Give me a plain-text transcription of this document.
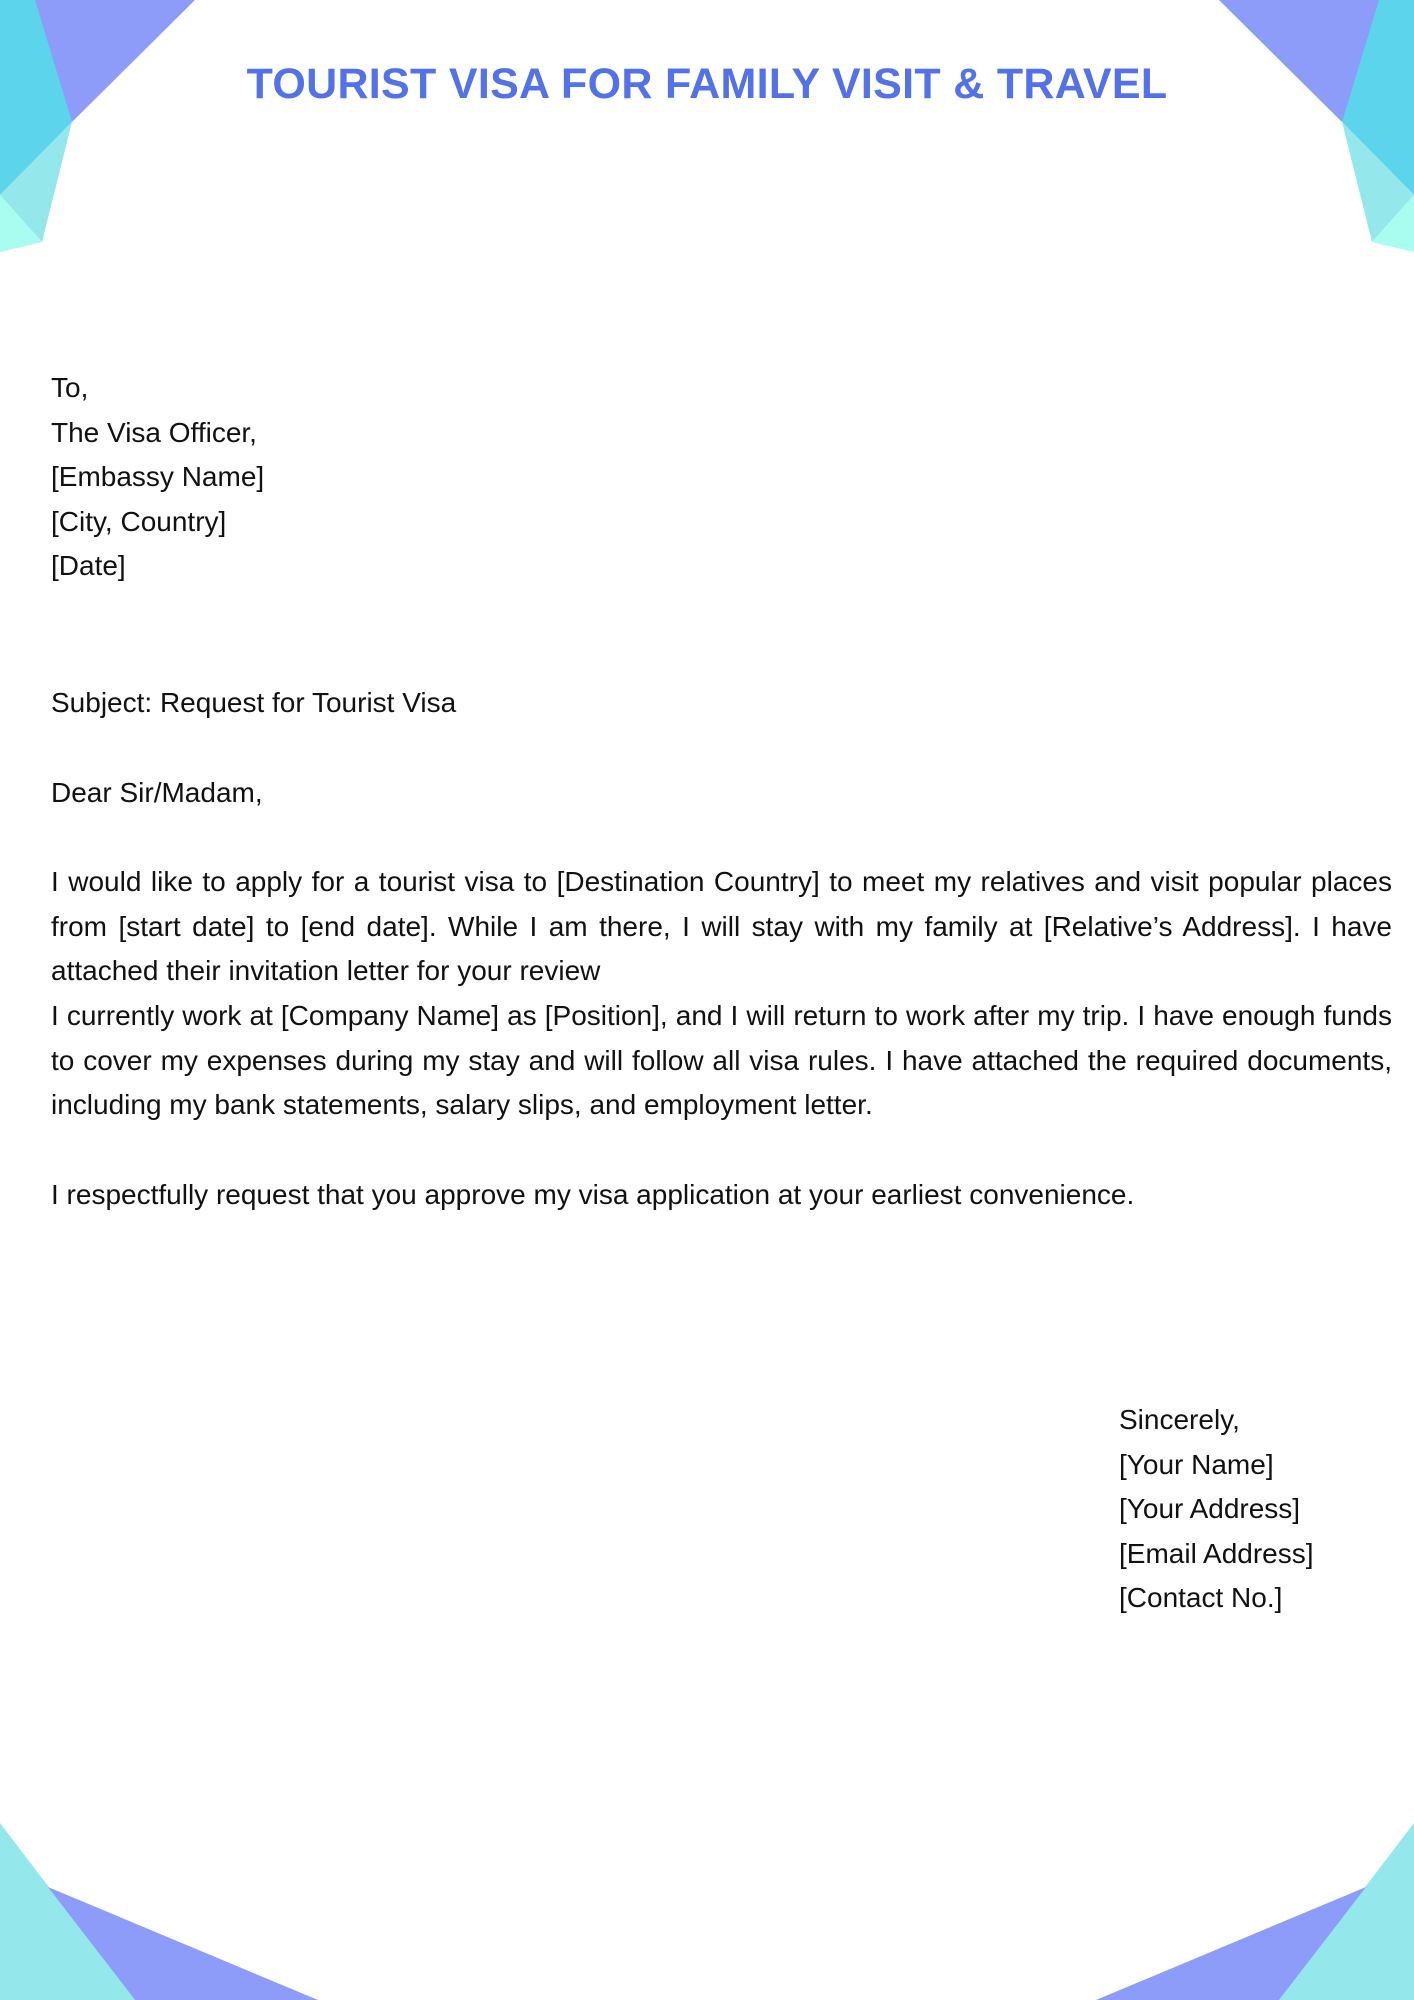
TOURIST VISA FOR FAMILY VISIT & TRAVEL
To,
The Visa Officer,
[Embassy Name]
[City, Country]
[Date]
Subject: Request for Tourist Visa
Dear Sir/Madam,

I would like to apply for a tourist visa to [Destination Country] to meet my relatives and visit popular places from [start date] to [end date]. While I am there, I will stay with my family at [Relative’s Address]. I have attached their invitation letter for your review

I currently work at [Company Name] as [Position], and I will return to work after my trip. I have enough funds to cover my expenses during my stay and will follow all visa rules. I have attached the required documents, including my bank statements, salary slips, and employment letter.

I respectfully request that you approve my visa application at your earliest convenience.

Sincerely,
[Your Name]
[Your Address]
[Email Address]
[Contact No.]
